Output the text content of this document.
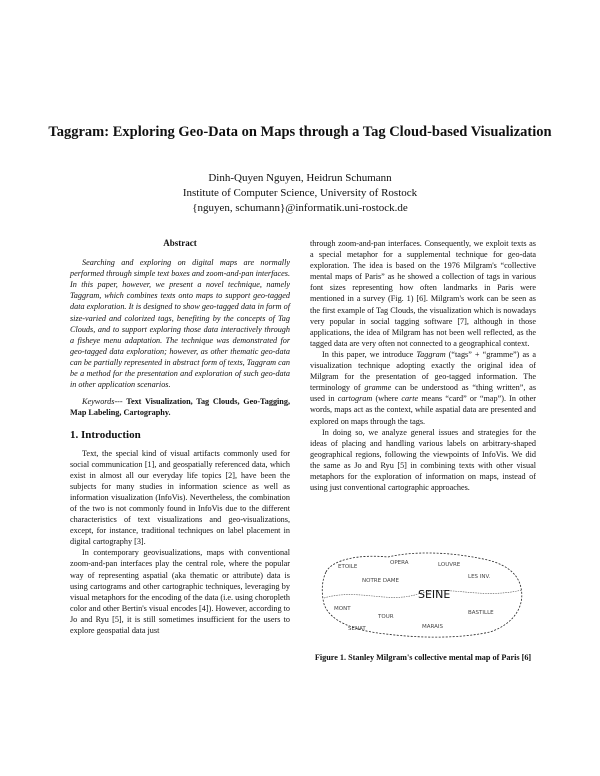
Taggram: Exploring Geo-Data on Maps through a Tag Cloud-based Visualization
Dinh-Quyen Nguyen, Heidrun Schumann
Institute of Computer Science, University of Rostock
{nguyen, schumann}@informatik.uni-rostock.de
Abstract

Searching and exploring on digital maps are normally performed through simple text boxes and zoom-and-pan interfaces. In this paper, however, we present a novel technique, namely Taggram, which combines texts onto maps to support geo-tagged data exploration. It is designed to show geo-tagged data in form of size-varied and colorized tags, benefiting by the concepts of Tag Clouds, and to support exploring those data interactively through a fisheye menu adaptation. The technique was demonstrated for geo-tagged data exploration; however, as other thematic geo-data can be partially represented in abstract form of texts, Taggram can be a method for the presentation and exploration of such geo-data in other application scenarios.

Keywords--- Text Visualization, Tag Clouds, Geo-Tagging, Map Labeling, Cartography.

1. Introduction

Text, the special kind of visual artifacts commonly used for social communication [1], and geospatially referenced data, which exist in almost all our everyday life topics [2], have been the subjects for many studies in information science as well as information visualization (InfoVis). Nevertheless, the combination of the two is not commonly found in InfoVis due to the different characteristics of text visualizations and geo-visualizations, except, for instance, traditional techniques on label placement in digital cartography [3].

In contemporary geovisualizations, maps with conventional zoom-and-pan interfaces play the central role, where the popular way of representing aspatial (aka thematic or attribute) data is using cartograms and other cartographic techniques, leveraging by visual metaphors for the encoding of the data (i.e. using choropleth color and other Bertin's visual encodes [4]). However, according to Jo and Ryu [5], it is still sometimes insufficient for the users to explore geospatial data just

through zoom-and-pan interfaces. Consequently, we exploit texts as a special metaphor for a supplemental technique for geo-data exploration. The idea is based on the 1976 Milgram's “collective mental maps of Paris” as he showed a collection of tags in various font sizes representing how often landmarks in Paris were mentioned in a survey (Fig. 1) [6]. Milgram's work can be seen as the first example of Tag Clouds, the visualization which is nowadays very popular in social tagging software [7], although in those applications, the idea of Milgram has not been well reflected, as the tagged data are very often not connected to a geographical context.

In this paper, we introduce Taggram (“tags” + “gramme”) as a visualization technique adopting exactly the original idea of Milgram for the presentation of geo-tagged information. The terminology of gramme can be understood as “thing written”, as used in cartogram (where carte means “card” or “map”). In other words, maps act as the context, while aspatial data are presented and explored on maps through the tags.

In doing so, we analyze general issues and strategies for the ideas of placing and handling various labels on arbitrary-shaped geographical regions, following the viewpoints of InfoVis. We did the same as Jo and Ryu [5] in combining texts with other visual metaphors for the exploration of information on maps, instead of using just conventional cartographic approaches.

ETOILE
OPERA	LOUVRE
NOTRE DAME
LES INV.
MONT
TOUR
BASTILLE
MARAIS
SENAT
SEINE
Figure 1. Stanley Milgram's collective mental map of Paris [6]
